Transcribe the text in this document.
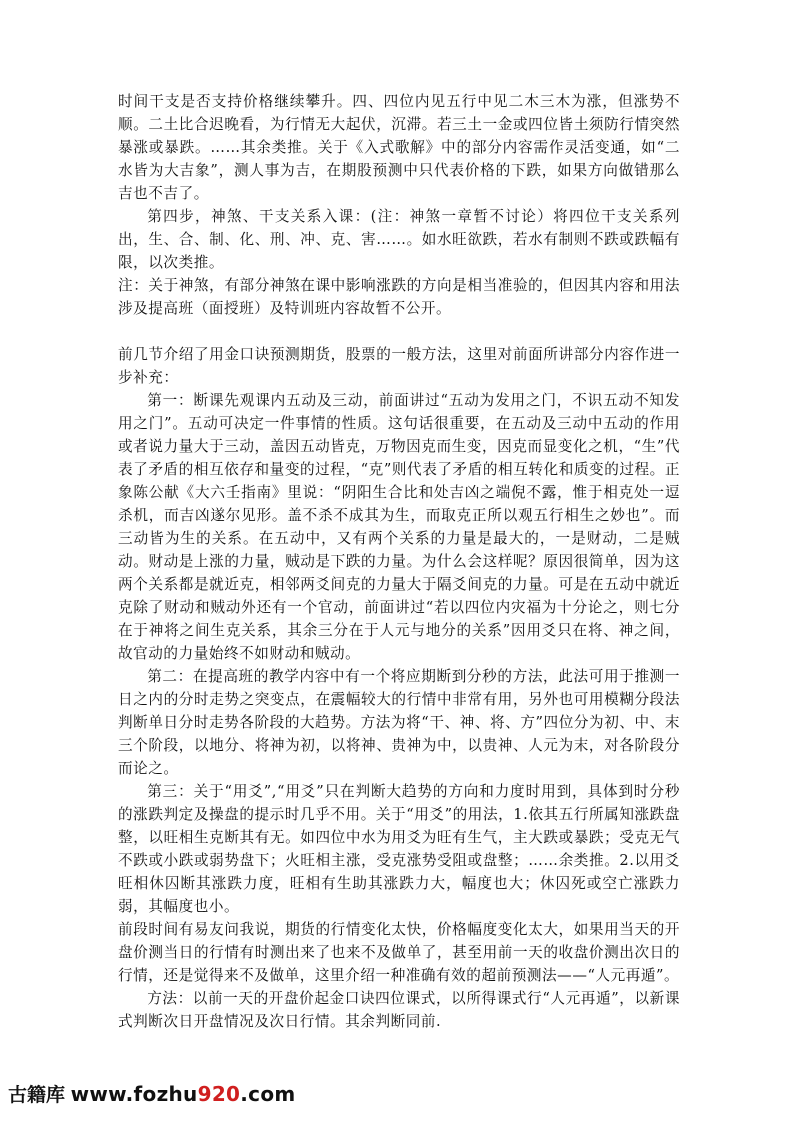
时间干支是否支持价格继续攀升。四、四位内见五行中见二木三木为涨，但涨势不顺。二土比合迟晚看，为行情无大起伏，沉滞。若三土一金或四位皆土须防行情突然暴涨或暴跌。……其余类推。关于《入式歌解》中的部分内容需作灵活变通，如“二水皆为大吉象”，测人事为吉，在期股预测中只代表价格的下跌，如果方向做错那么吉也不吉了。

第四步，神煞、干支关系入课：(注：神煞一章暂不讨论）将四位干支关系列出，生、合、制、化、刑、冲、克、害……。如水旺欲跌，若水有制则不跌或跌幅有限，以次类推。

注：关于神煞，有部分神煞在课中影响涨跌的方向是相当准验的，但因其内容和用法涉及提高班（面授班）及特训班内容故暂不公开。

前几节介绍了用金口诀预测期货，股票的一般方法，这里对前面所讲部分内容作进一步补充：

第一：断课先观课内五动及三动，前面讲过“五动为发用之门，不识五动不知发用之门”。五动可决定一件事情的性质。这句话很重要，在五动及三动中五动的作用或者说力量大于三动，盖因五动皆克，万物因克而生变，因克而显变化之机，“生”代表了矛盾的相互依存和量变的过程，“克”则代表了矛盾的相互转化和质变的过程。正象陈公献《大六壬指南》里说：“阴阳生合比和处吉凶之端倪不露，惟于相克处一逗杀机，而吉凶遂尔见形。盖不杀不成其为生，而取克正所以观五行相生之妙也”。而三动皆为生的关系。在五动中，又有两个关系的力量是最大的，一是财动，二是贼动。财动是上涨的力量，贼动是下跌的力量。为什么会这样呢？原因很简单，因为这两个关系都是就近克，相邻两爻间克的力量大于隔爻间克的力量。可是在五动中就近克除了财动和贼动外还有一个官动，前面讲过“若以四位内灾福为十分论之，则七分在于神将之间生克关系，其余三分在于人元与地分的关系”因用爻只在将、神之间，故官动的力量始终不如财动和贼动。

第二：在提高班的教学内容中有一个将应期断到分秒的方法，此法可用于推测一日之内的分时走势之突变点，在震幅较大的行情中非常有用，另外也可用模糊分段法判断单日分时走势各阶段的大趋势。方法为将“干、神、将、方”四位分为初、中、末三个阶段，以地分、将神为初，以将神、贵神为中，以贵神、人元为末，对各阶段分而论之。

第三：关于“用爻”,“用爻”只在判断大趋势的方向和力度时用到，具体到时分秒的涨跌判定及操盘的提示时几乎不用。关于“用爻”的用法，1.依其五行所属知涨跌盘整，以旺相生克断其有无。如四位中水为用爻为旺有生气，主大跌或暴跌；受克无气不跌或小跌或弱势盘下；火旺相主涨，受克涨势受阻或盘整；……余类推。2.以用爻旺相休囚断其涨跌力度，旺相有生助其涨跌力大，幅度也大；休囚死或空亡涨跌力弱，其幅度也小。

前段时间有易友问我说，期货的行情变化太快，价格幅度变化太大，如果用当天的开盘价测当日的行情有时测出来了也来不及做单了，甚至用前一天的收盘价测出次日的行情，还是觉得来不及做单，这里介绍一种准确有效的超前预测法——“人元再遁”。

方法：以前一天的开盘价起金口诀四位课式，以所得课式行“人元再遁”，以新课式判断次日开盘情况及次日行情。其余判断同前.

古籍库 www.fozhu920.com
